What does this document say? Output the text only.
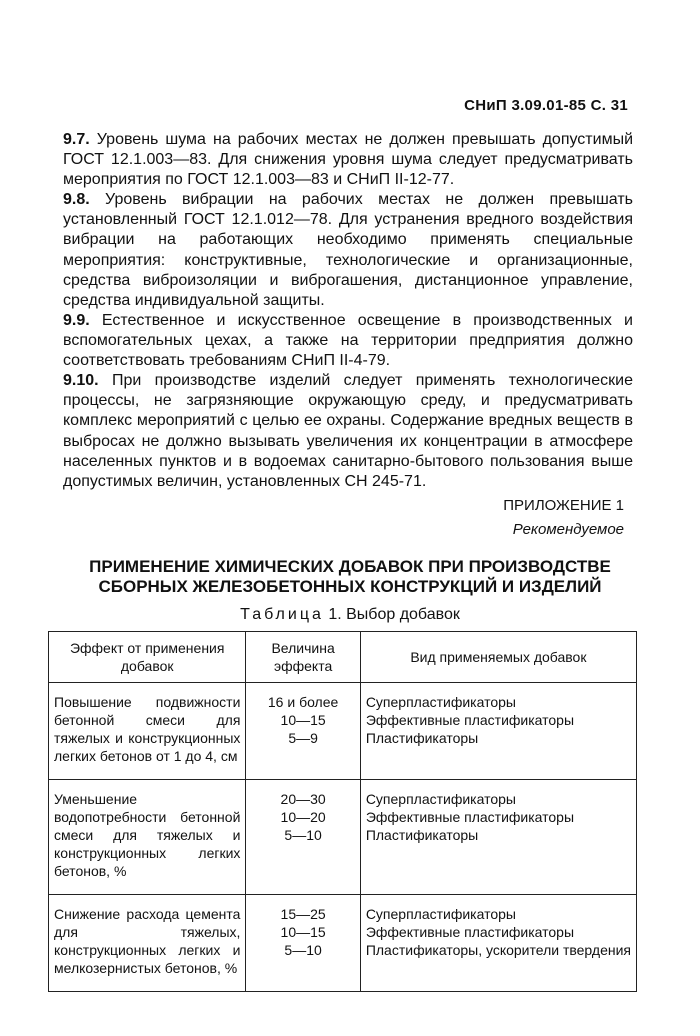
СНиП 3.09.01-85 С. 31

9.7. Уровень шума на рабочих местах не должен превышать допустимый ГОСТ 12.1.003—83. Для снижения уровня шума следует предусматривать мероприятия по ГОСТ 12.1.003—83 и СНиП II-12-77.

9.8. Уровень вибрации на рабочих местах не должен превышать установленный ГОСТ 12.1.012—78. Для устранения вредного воздействия вибрации на работающих необходимо применять специальные мероприятия: конструктивные, технологические и организационные, средства виброизоляции и виброгашения, дистанционное управление, средства индивидуальной защиты.

9.9. Естественное и искусственное освещение в производственных и вспомогательных цехах, а также на территории предприятия должно соответствовать требованиям СНиП II-4-79.

9.10. При производстве изделий следует применять технологические процессы, не загрязняющие окружающую среду, и предусматривать комплекс мероприятий с целью ее охраны. Содержание вредных веществ в выбросах не должно вызывать увеличения их концентрации в атмосфере населенных пунктов и в водоемах санитарно-бытового пользования выше допустимых величин, установленных СН 245-71.

ПРИЛОЖЕНИЕ 1
Рекомендуемое
ПРИМЕНЕНИЕ ХИМИЧЕСКИХ ДОБАВОК ПРИ ПРОИЗВОДСТВЕ
СБОРНЫХ ЖЕЛЕЗОБЕТОННЫХ КОНСТРУКЦИЙ И ИЗДЕЛИЙ
Таблица 1. Выбор добавок
Эффект от применения добавок	Величина эффекта	Вид применяемых добавок
Повышение подвижности бетонной смеси для тяжелых и конструкционных легких бетонов от 1 до 4, см	16 и более
10—15
5—9	Суперпластификаторы
Эффективные пластификаторы
Пластификаторы

Уменьшение водопотребности бетонной смеси для тяжелых и конструкционных легких бетонов, %	20—30
10—20
5—10	Суперпластификаторы
Эффективные пластификаторы
Пластификаторы

Снижение расхода цемента для тяжелых, конструкционных легких и мелкозернистых бетонов, %	15—25
10—15
5—10	Суперпластификаторы
Эффективные пластификаторы
Пластификаторы, ускорители твердения
